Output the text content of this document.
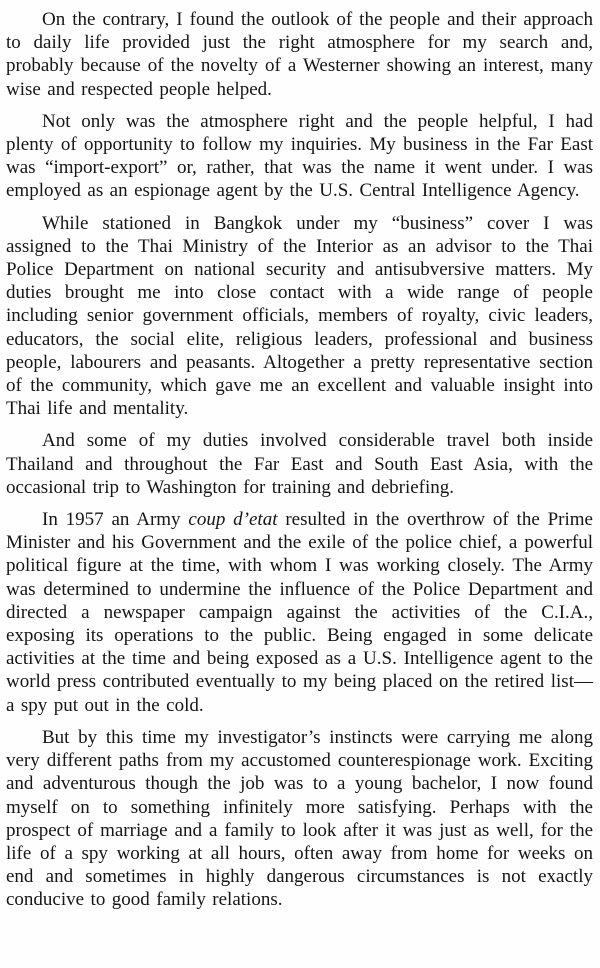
On the contrary, I found the outlook of the people and their approach to daily life provided just the right atmosphere for my search and, probably because of the novelty of a Westerner showing an interest, many wise and respected people helped.

Not only was the atmosphere right and the people helpful, I had plenty of opportunity to follow my inquiries. My business in the Far East was “import-export” or, rather, that was the name it went under. I was employed as an espionage agent by the U.S. Central Intelligence Agency.

While stationed in Bangkok under my “business” cover I was assigned to the Thai Ministry of the Interior as an advisor to the Thai Police Department on national security and antisubversive matters. My duties brought me into close contact with a wide range of people including senior government officials, members of royalty, civic leaders, educators, the social elite, religious leaders, professional and business people, labourers and peasants. Altogether a pretty representative section of the community, which gave me an excellent and valuable insight into Thai life and mentality.

And some of my duties involved considerable travel both inside Thailand and throughout the Far East and South East Asia, with the occasional trip to Washington for training and debriefing.

In 1957 an Army coup d’etat resulted in the overthrow of the Prime Minister and his Government and the exile of the police chief, a powerful political figure at the time, with whom I was working closely. The Army was determined to undermine the influence of the Police Department and directed a newspaper campaign against the activities of the C.I.A., exposing its operations to the public. Being engaged in some delicate activities at the time and being exposed as a U.S. Intelligence agent to the world press contributed eventually to my being placed on the retired list—a spy put out in the cold.

But by this time my investigator’s instincts were carrying me along very different paths from my accustomed counterespionage work. Exciting and adventurous though the job was to a young bachelor, I now found myself on to something infinitely more satisfying. Perhaps with the prospect of marriage and a family to look after it was just as well, for the life of a spy working at all hours, often away from home for weeks on end and sometimes in highly dangerous circumstances is not exactly conducive to good family relations.
